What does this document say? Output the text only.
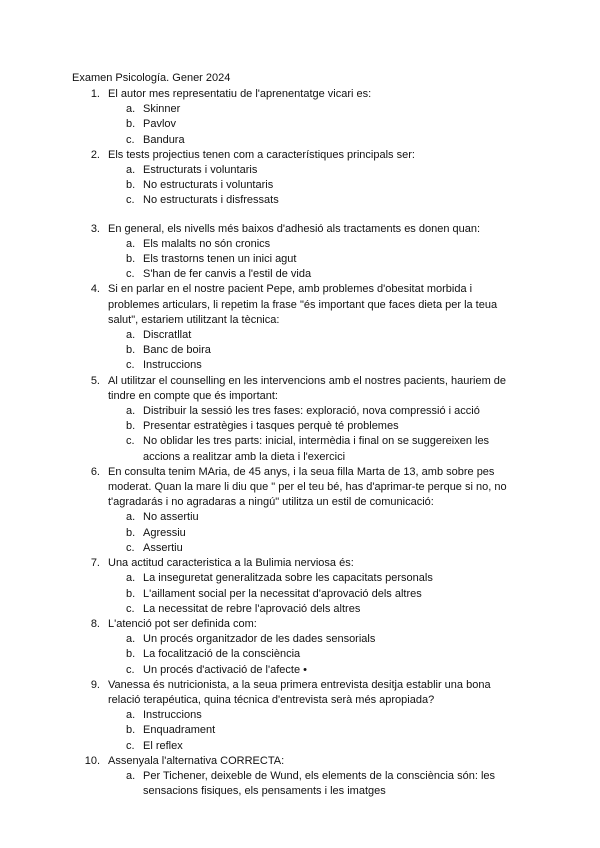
Examen Psicología. Gener 2024
1. El autor mes representatiu de l'aprenentatge vicari es:
a. Skinner
b. Pavlov
c. Bandura
2. Els tests projectius tenen com a característiques principals ser:
a. Estructurats i voluntaris
b. No estructurats i voluntaris
c. No estructurats i disfressats
3. En general, els nivells més baixos d'adhesió als tractaments es donen quan:
a. Els malalts no són cronics
b. Els trastorns tenen un inici agut
c. S'han de fer canvis a l'estil de vida
4. Si en parlar en el nostre pacient Pepe, amb problemes d'obesitat morbida i problemes articulars, li repetim la frase "és important que faces dieta per la teua salut", estariem utilitzant la tècnica:
a. Discratllat
b. Banc de boira
c. Instruccions
5. Al utilitzar el counselling en les intervencions amb el nostres pacients, hauriem de tindre en compte que és important:
a. Distribuir la sessió les tres fases: exploració, nova compressió i acció
b. Presentar estratègies i tasques perquè té problemes
c. No oblidar les tres parts: inicial, intermèdia i final on se suggereixen les accions a realitzar amb la dieta i l'exercici
6. En consulta tenim MAria, de 45 anys, i la seua filla Marta de 13, amb sobre pes moderat. Quan la mare li diu que " per el teu bé, has d'aprimar-te perque si no, no t'agradarás i no agradaras a ningú" utilitza un estil de comunicació:
a. No assertiu
b. Agressiu
c. Assertiu
7. Una actitud caracteristica a la Bulimia nerviosa és:
a. La inseguretat generalitzada sobre les capacitats personals
b. L'aillament social per la necessitat d'aprovació dels altres
c. La necessitat de rebre l'aprovació dels altres
8. L'atenció pot ser definida com:
a. Un procés organitzador de les dades sensorials
b. La focalització de la consciència
c. Un procés d'activació de l'afecte •
9. Vanessa és nutricionista, a la seua primera entrevista desitja establir una bona relació terapéutica, quina técnica d'entrevista serà més apropiada?
a. Instruccions
b. Enquadrament
c. El reflex
10. Assenyala l'alternativa CORRECTA:
a. Per Tichener, deixeble de Wund, els elements de la consciència són: les sensacions fisiques, els pensaments i les imatges
